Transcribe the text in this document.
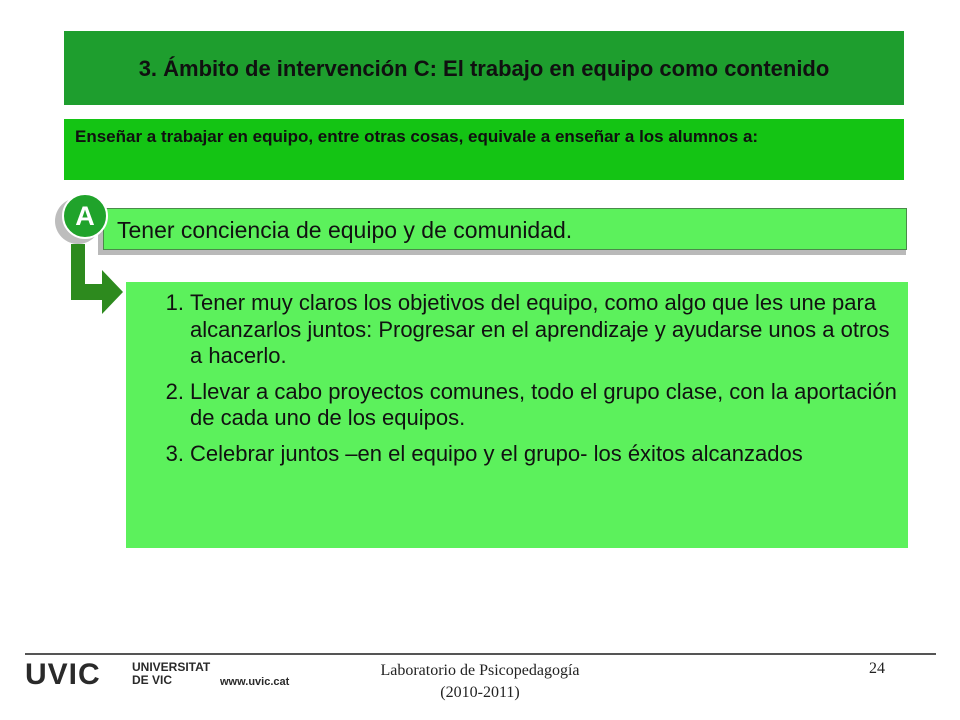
3. Ámbito de intervención C: El trabajo en equipo como contenido
Enseñar a trabajar en equipo, entre otras cosas, equivale a enseñar a los alumnos a:
Tener conciencia de equipo y de comunidad.
A
1. Tener muy claros los objetivos del equipo, como algo que les une para alcanzarlos juntos: Progresar en el aprendizaje y ayudarse unos a otros a hacerlo.
2. Llevar a cabo proyectos comunes, todo el grupo clase, con la aportación de cada uno de los equipos.
3. Celebrar juntos –en el equipo y el grupo- los éxitos alcanzados
UVIC	UNIVERSITAT
DE VIC	www.uvic.cat
Laboratorio de Psicopedagogía
(2010-2011)
24
